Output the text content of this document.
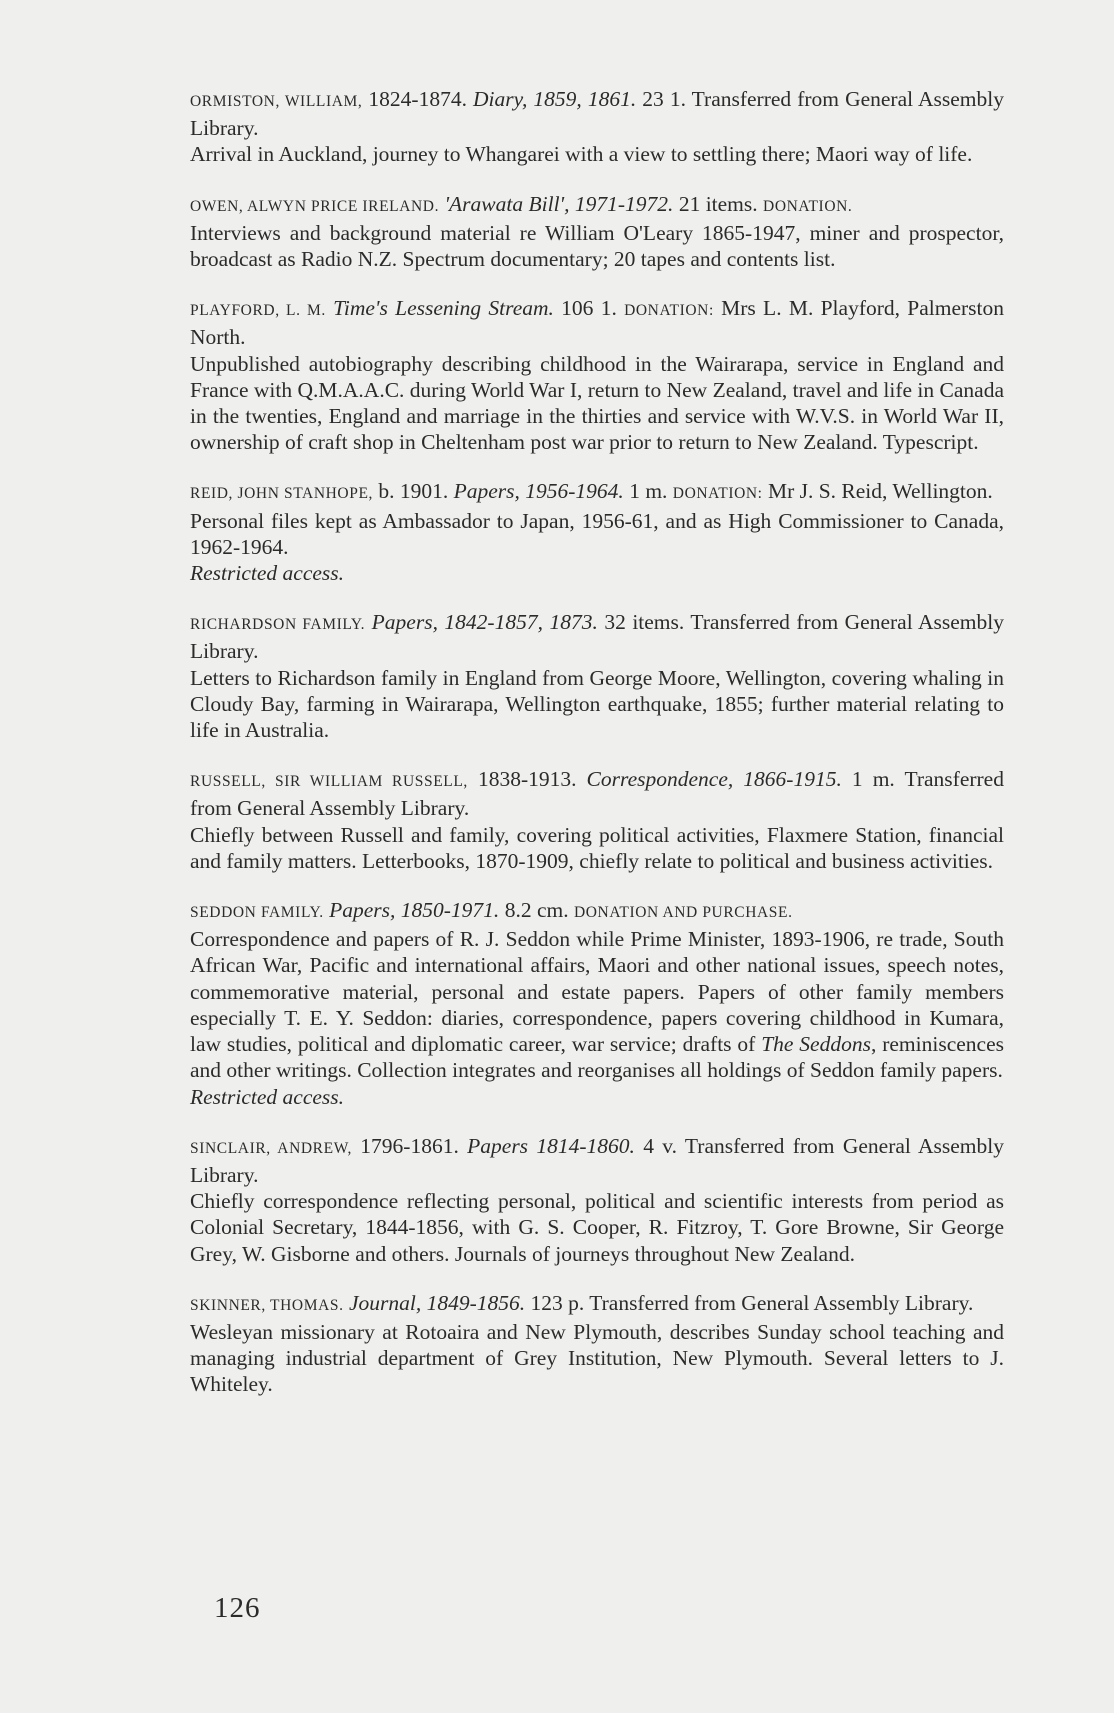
ORMISTON, WILLIAM, 1824-1874. Diary, 1859, 1861. 23 1. Transferred from General Assembly Library.

Arrival in Auckland, journey to Whangarei with a view to settling there; Maori way of life.

OWEN, ALWYN PRICE IRELAND. 'Arawata Bill', 1971-1972. 21 items. DONATION.

Interviews and background material re William O'Leary 1865-1947, miner and prospector, broadcast as Radio N.Z. Spectrum documentary; 20 tapes and contents list.

PLAYFORD, L. M. Time's Lessening Stream. 106 1. DONATION: Mrs L. M. Playford, Palmerston North.

Unpublished autobiography describing childhood in the Wairarapa, service in England and France with Q.M.A.A.C. during World War I, return to New Zealand, travel and life in Canada in the twenties, England and marriage in the thirties and service with W.V.S. in World War II, ownership of craft shop in Cheltenham post war prior to return to New Zealand. Typescript.

REID, JOHN STANHOPE, b. 1901. Papers, 1956-1964. 1 m. DONATION: Mr J. S. Reid, Wellington.

Personal files kept as Ambassador to Japan, 1956-61, and as High Commissioner to Canada, 1962-1964.

Restricted access.

RICHARDSON FAMILY. Papers, 1842-1857, 1873. 32 items. Transferred from General Assembly Library.

Letters to Richardson family in England from George Moore, Wellington, covering whaling in Cloudy Bay, farming in Wairarapa, Wellington earthquake, 1855; further material relating to life in Australia.

RUSSELL, SIR WILLIAM RUSSELL, 1838-1913. Correspondence, 1866-1915. 1 m. Transferred from General Assembly Library.

Chiefly between Russell and family, covering political activities, Flaxmere Station, financial and family matters. Letterbooks, 1870-1909, chiefly relate to political and business activities.

SEDDON FAMILY. Papers, 1850-1971. 8.2 cm. DONATION AND PURCHASE.

Correspondence and papers of R. J. Seddon while Prime Minister, 1893-1906, re trade, South African War, Pacific and international affairs, Maori and other national issues, speech notes, commemorative material, personal and estate papers. Papers of other family members especially T. E. Y. Seddon: diaries, correspondence, papers covering childhood in Kumara, law studies, political and diplomatic career, war service; drafts of The Seddons, reminiscences and other writings. Collection integrates and reorganises all holdings of Seddon family papers.

Restricted access.

SINCLAIR, ANDREW, 1796-1861. Papers 1814-1860. 4 v. Transferred from General Assembly Library.

Chiefly correspondence reflecting personal, political and scientific interests from period as Colonial Secretary, 1844-1856, with G. S. Cooper, R. Fitzroy, T. Gore Browne, Sir George Grey, W. Gisborne and others. Journals of journeys throughout New Zealand.

SKINNER, THOMAS. Journal, 1849-1856. 123 p. Transferred from General Assembly Library.

Wesleyan missionary at Rotoaira and New Plymouth, describes Sunday school teaching and managing industrial department of Grey Institution, New Plymouth. Several letters to J. Whiteley.

126
